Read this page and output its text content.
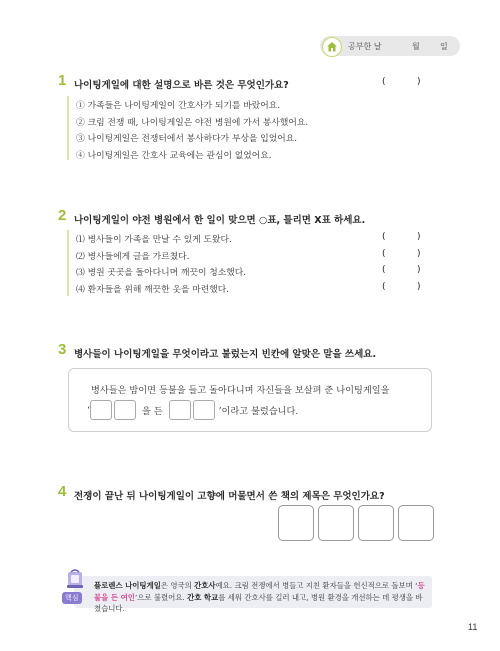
공부한 날	월	일
1 나이팅게일에 대한 설명으로 바른 것은 무엇인가요?	(           )
① 가족들은 나이팅게일이 간호사가 되기를 바랐어요.
② 크림 전쟁 때, 나이팅게일은 야전 병원에 가서 봉사했어요.
③ 나이팅게일은 전쟁터에서 봉사하다가 부상을 입었어요.
④ 나이팅게일은 간호사 교육에는 관심이 없었어요.
2 나이팅게일이 야전 병원에서 한 일이 맞으면 ○표, 틀리면 X표 하세요.
⑴ 병사들이 가족을 만날 수 있게 도왔다.	(           )
⑵ 병사들에게 글을 가르쳤다.	(           )
⑶ 병원 곳곳을 돌아다니며 깨끗이 청소했다.	(           )
⑷ 환자들을 위해 깨끗한 옷을 마련했다.	(           )
3 병사들이 나이팅게일을 무엇이라고 불렀는지 빈칸에 알맞은 말을 쓰세요.
병사들은 밤이면 등불을 들고 돌아다니며 자신들을 보살펴 준 나이팅게일을
‘	을 든	’이라고 불렀습니다.
4 전쟁이 끝난 뒤 나이팅게일이 고향에 머물면서 쓴 책의 제목은 무엇인가요?
핵심
플로렌스 나이팅게일은 영국의 간호사예요. 크림 전쟁에서 병들고 지친 환자들을 헌신적으로 돌보며 ‘등불을 든 여인’으로 불렸어요. 간호 학교를 세워 간호사를 길러 내고, 병원 환경을 개선하는 데 평생을 바쳤습니다.
11
